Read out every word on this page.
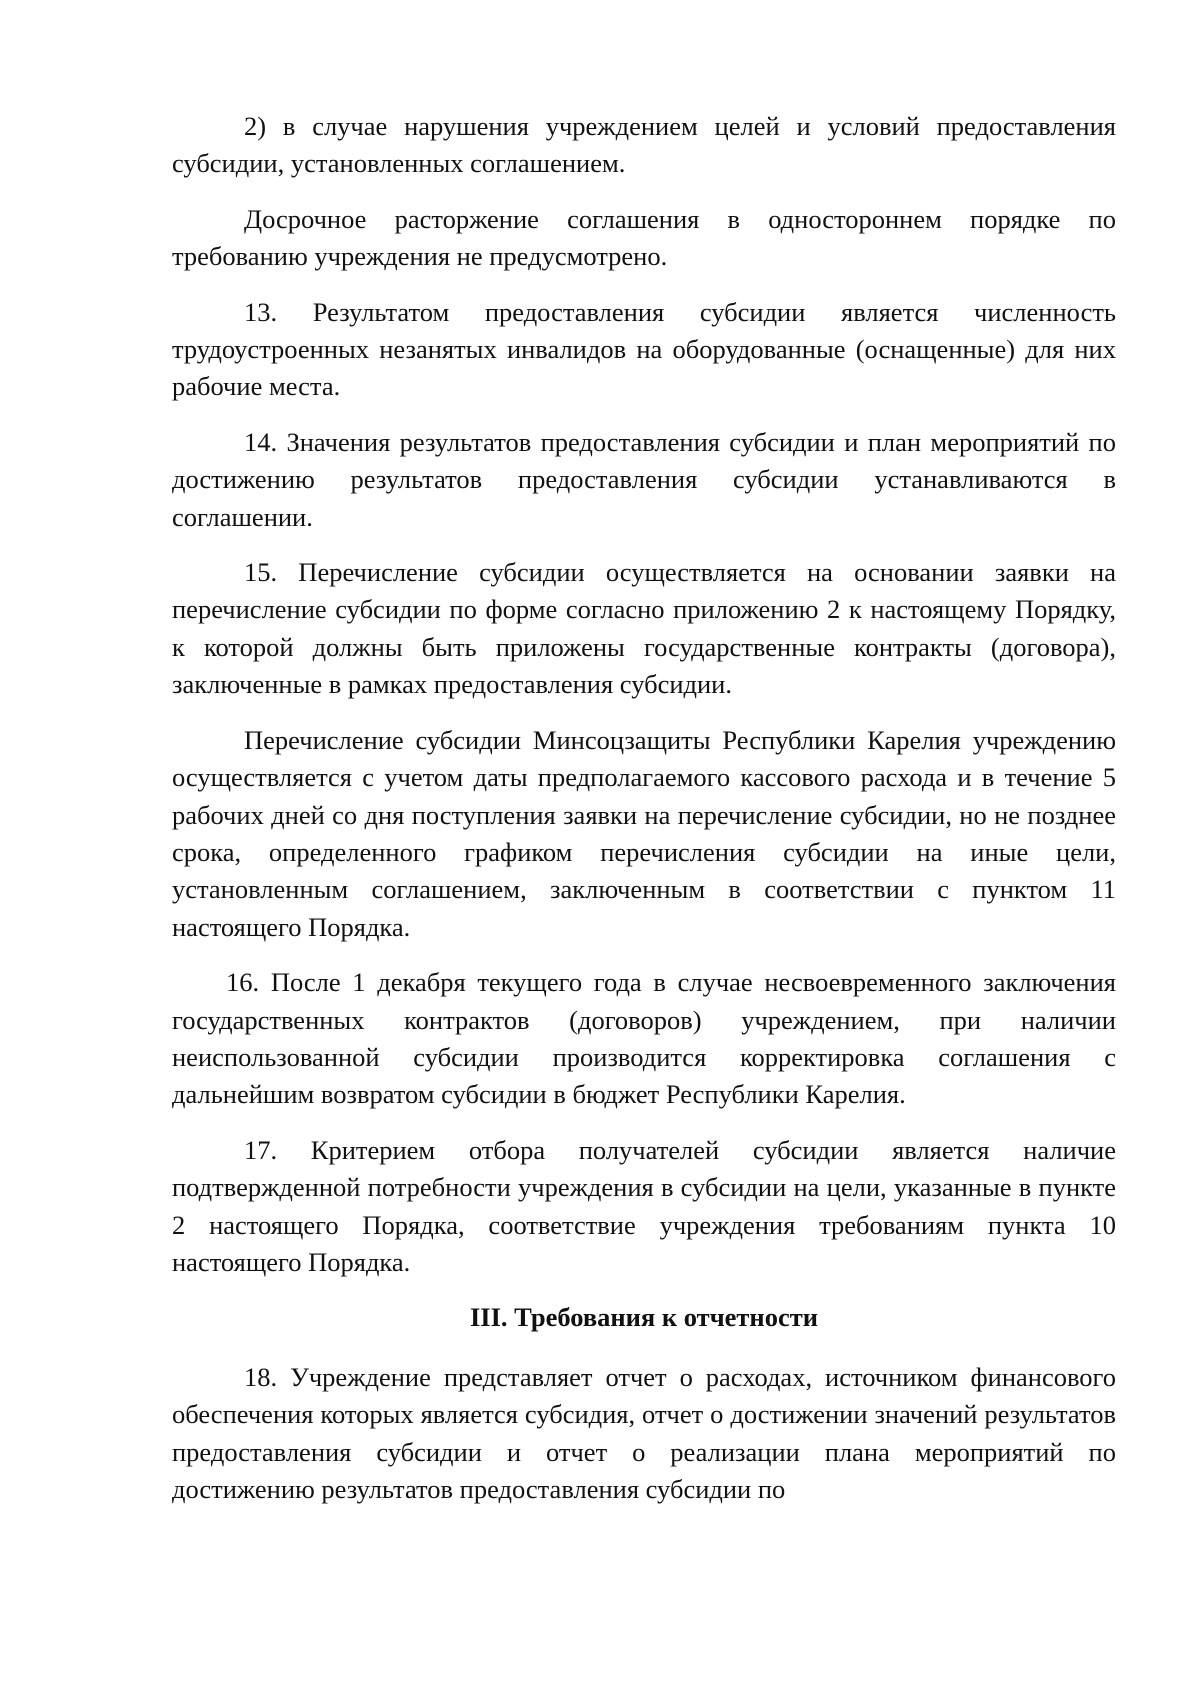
2) в случае нарушения учреждением целей и условий предоставления субсидии, установленных соглашением.

Досрочное расторжение соглашения в одностороннем порядке по требованию учреждения не предусмотрено.

13. Результатом предоставления субсидии является численность трудоустроенных незанятых инвалидов на оборудованные (оснащенные) для них рабочие места.

14. Значения результатов предоставления субсидии и план мероприятий по достижению результатов предоставления субсидии устанавливаются в соглашении.

15. Перечисление субсидии осуществляется на основании заявки на перечисление субсидии по форме согласно приложению 2 к настоящему Порядку, к которой должны быть приложены государственные контракты (договора), заключенные в рамках предоставления субсидии.

Перечисление субсидии Минсоцзащиты Республики Карелия учреждению осуществляется с учетом даты предполагаемого кассового расхода и в течение 5 рабочих дней со дня поступления заявки на перечисление субсидии, но не позднее срока, определенного графиком перечисления субсидии на иные цели, установленным соглашением, заключенным в соответствии с пунктом 11 настоящего Порядка.

16. После 1 декабря текущего года в случае несвоевременного заключения государственных контрактов (договоров) учреждением, при наличии неиспользованной субсидии производится корректировка соглашения с дальнейшим возвратом субсидии в бюджет Республики Карелия.

17. Критерием отбора получателей субсидии является наличие подтвержденной потребности учреждения в субсидии на цели, указанные в пункте 2 настоящего Порядка, соответствие учреждения требованиям пункта 10 настоящего Порядка.

III. Требования к отчетности

18. Учреждение представляет отчет о расходах, источником финансового обеспечения которых является субсидия, отчет о достижении значений результатов предоставления субсидии и отчет о реализации плана мероприятий по достижению результатов предоставления субсидии по
